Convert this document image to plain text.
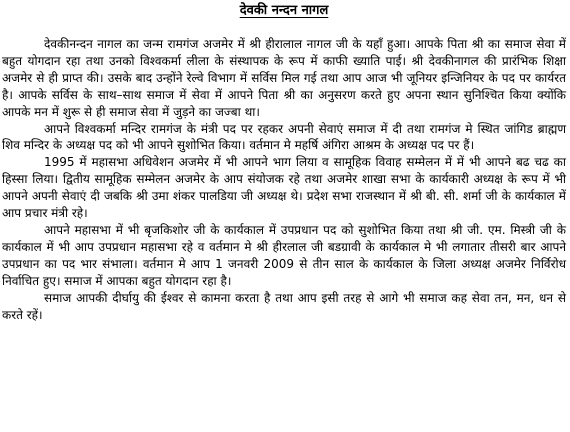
देवकी नन्दन नागल

देवकीनन्दन नागल का जन्म रामगंज अजमेर में श्री हीरालाल नागल जी के यहाँ हुआ। आपके पिता श्री का समाज सेवा में बहुत योगदान रहा तथा उनको विश्वकर्मा लीला के संस्थापक के रूप में काफी ख्याति पाई। श्री देवकीनागल की प्रारंभिक शिक्षा अजमेर से ही प्राप्त की। उसके बाद उन्होंने रेल्वे विभाग में सर्विस मिल गई तथा आप आज भी जूनियर इन्जिनियर के पद पर कार्यरत है। आपके सर्विस के साथ–साथ समाज में सेवा में आपने पिता श्री का अनुसरण करते हुए अपना स्थान सुनिश्चित किया क्योंकि आपके मन में शुरू से ही समाज सेवा में जुड़ने का जज्बा था।

आपने विश्वकर्मा मन्दिर रामगंज के मंत्री पद पर रहकर अपनी सेवाएं समाज में दी तथा रामगंज मे स्थित जांगिड ब्राह्मण शिव मन्दिर के अध्यक्ष पद को भी आपने सुशोभित किया। वर्तमान मे महर्षि अंगिरा आश्रम के अध्यक्ष पद पर हैं।

1995 में महासभा अधिवेशन अजमेर में भी आपने भाग लिया व सामूहिक विवाह सम्मेलन में में भी आपने बढ चढ का हिस्सा लिया। द्वितीय सामूहिक सम्मेलन अजमेर के आप संयोजक रहे तथा अजमेर शाखा सभा के कार्यकारी अध्यक्ष के रूप में भी आपने अपनी सेवाएं दी जबकि श्री उमा शंकर पालडिया जी अध्यक्ष थे। प्रदेश सभा राजस्थान में श्री बी. सी. शर्मा जी के कार्यकाल में आप प्रचार मंत्री रहे।

आपने महासभा में भी बृजकिशोर जी के कार्यकाल में उपप्रधान पद को सुशोभित किया तथा श्री जी. एम. मिस्त्री जी के कार्यकाल में भी आप उपप्रधान महासभा रहे व वर्तमान मे श्री हीरलाल जी बडग्रावी के कार्यकाल मे भी लगातार तीसरी बार आपने उपप्रधान का पद भार संभाला। वर्तमान मे आप 1 जनवरी 2009 से तीन साल के कार्यकाल के जिला अध्यक्ष अजमेर निर्विरोध निर्वाचित हुए। समाज में आपका बहुत योगदान रहा है।

समाज आपकी दीर्घायु की ईश्वर से कामना करता है तथा आप इसी तरह से आगे भी समाज कह सेवा तन, मन, धन से करते रहें।
